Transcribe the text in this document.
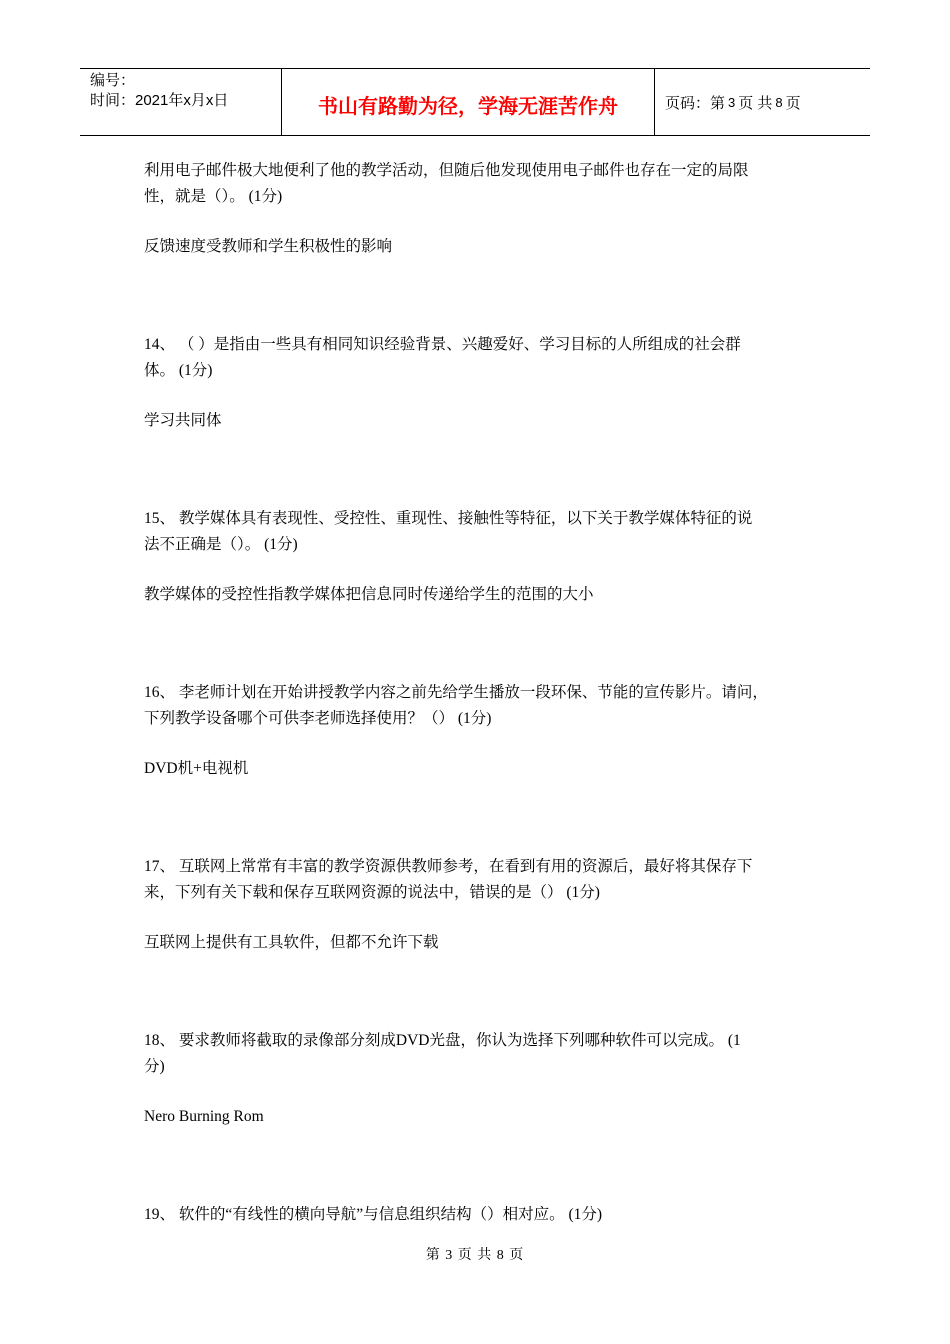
编号：
时间：2021年x月x日	书山有路勤为径，学海无涯苦作舟	页码：第 3 页 共 8 页

利用电子邮件极大地便利了他的教学活动，但随后他发现使用电子邮件也存在一定的局限

性，就是（）。 (1分)

反馈速度受教师和学生积极性的影响

14、 （ ）是指由一些具有相同知识经验背景、兴趣爱好、学习目标的人所组成的社会群

体。 (1分)

学习共同体

15、 教学媒体具有表现性、受控性、重现性、接触性等特征，以下关于教学媒体特征的说

法不正确是（）。 (1分)

教学媒体的受控性指教学媒体把信息同时传递给学生的范围的大小

16、 李老师计划在开始讲授教学内容之前先给学生播放一段环保、节能的宣传影片。请问，

下列教学设备哪个可供李老师选择使用？（） (1分)

DVD机+电视机

17、 互联网上常常有丰富的教学资源供教师参考，在看到有用的资源后，最好将其保存下

来，下列有关下载和保存互联网资源的说法中，错误的是（） (1分)

互联网上提供有工具软件，但都不允许下载

18、 要求教师将截取的录像部分刻成DVD光盘，你认为选择下列哪种软件可以完成。 (1

分)

Nero Burning Rom

19、 软件的“有线性的横向导航”与信息组织结构（）相对应。 (1分)

第 3 页 共 8 页
